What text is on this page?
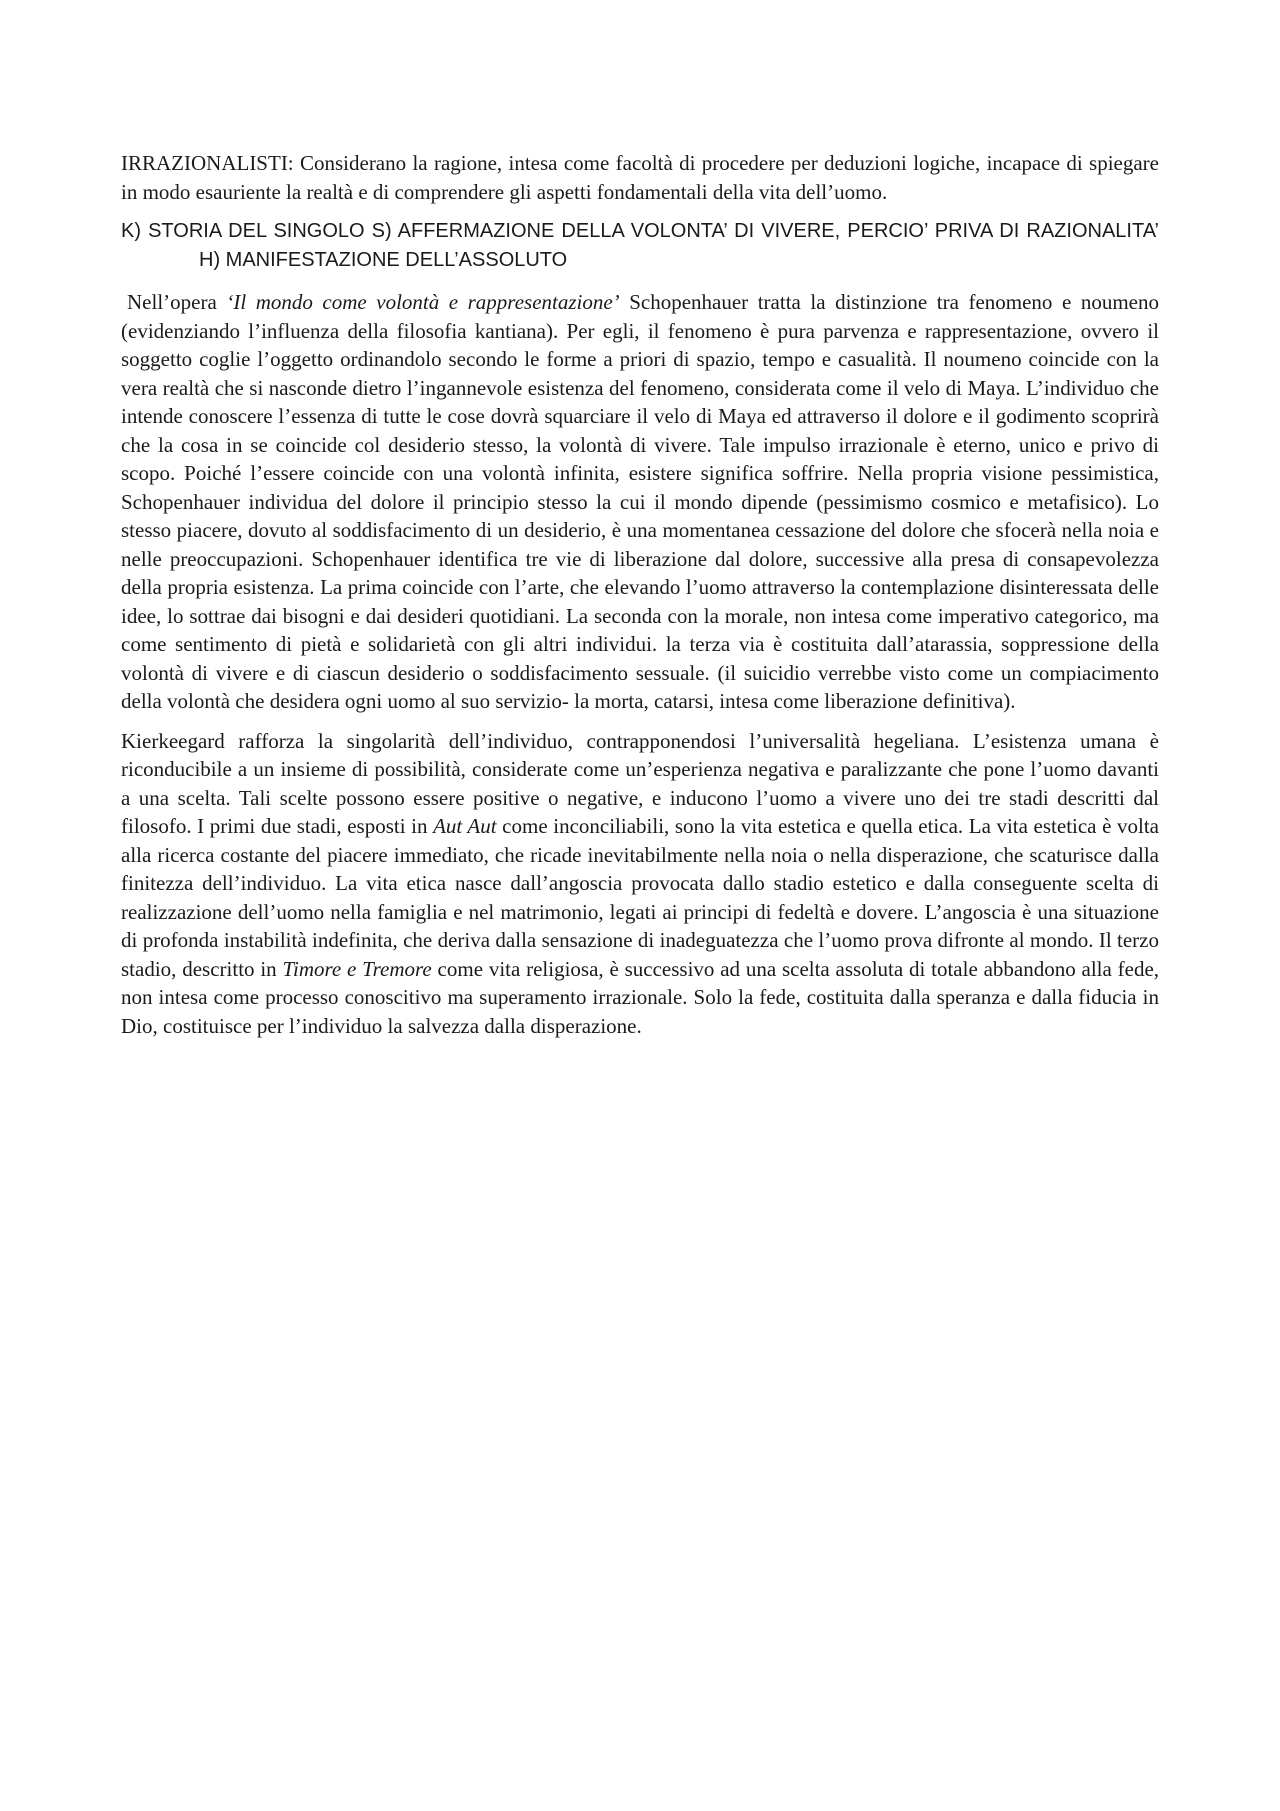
IRRAZIONALISTI: Considerano la ragione, intesa come facoltà di procedere per deduzioni logiche, incapace di spiegare in modo esauriente la realtà e di comprendere gli aspetti fondamentali della vita dell’uomo.

K) STORIA DEL SINGOLO S) AFFERMAZIONE DELLA VOLONTA’ DI VIVERE, PERCIO’ PRIVA DI RAZIONALITA’H) MANIFESTAZIONE DELL’ASSOLUTO

Nell’opera ‘Il mondo come volontà e rappresentazione’ Schopenhauer tratta la distinzione tra fenomeno e noumeno (evidenziando l’influenza della filosofia kantiana). Per egli, il fenomeno è pura parvenza e rappresentazione, ovvero il soggetto coglie l’oggetto ordinandolo secondo le forme a priori di spazio, tempo e casualità. Il noumeno coincide con la vera realtà che si nasconde dietro l’ingannevole esistenza del fenomeno, considerata come il velo di Maya. L’individuo che intende conoscere l’essenza di tutte le cose dovrà squarciare il velo di Maya ed attraverso il dolore e il godimento scoprirà che la cosa in se coincide col desiderio stesso, la volontà di vivere. Tale impulso irrazionale è eterno, unico e privo di scopo. Poiché l’essere coincide con una volontà infinita, esistere significa soffrire. Nella propria visione pessimistica, Schopenhauer individua del dolore il principio stesso la cui il mondo dipende (pessimismo cosmico e metafisico). Lo stesso piacere, dovuto al soddisfacimento di un desiderio, è una momentanea cessazione del dolore che sfocerà nella noia e nelle preoccupazioni. Schopenhauer identifica tre vie di liberazione dal dolore, successive alla presa di consapevolezza della propria esistenza. La prima coincide con l’arte, che elevando l’uomo attraverso la contemplazione disinteressata delle idee, lo sottrae dai bisogni e dai desideri quotidiani. La seconda con la morale, non intesa come imperativo categorico, ma come sentimento di pietà e solidarietà con gli altri individui. la terza via è costituita dall’atarassia, soppressione della volontà di vivere e di ciascun desiderio o soddisfacimento sessuale. (il suicidio verrebbe visto come un compiacimento della volontà che desidera ogni uomo al suo servizio- la morta, catarsi, intesa come liberazione definitiva).

Kierkeegard rafforza la singolarità dell’individuo, contrapponendosi l’universalità hegeliana. L’esistenza umana è riconducibile a un insieme di possibilità, considerate come un’esperienza negativa e paralizzante che pone l’uomo davanti a una scelta. Tali scelte possono essere positive o negative, e inducono l’uomo a vivere uno dei tre stadi descritti dal filosofo. I primi due stadi, esposti in Aut Aut come inconciliabili, sono la vita estetica e quella etica. La vita estetica è volta alla ricerca costante del piacere immediato, che ricade inevitabilmente nella noia o nella disperazione, che scaturisce dalla finitezza dell’individuo. La vita etica nasce dall’angoscia provocata dallo stadio estetico e dalla conseguente scelta di realizzazione dell’uomo nella famiglia e nel matrimonio, legati ai principi di fedeltà e dovere. L’angoscia è una situazione di profonda instabilità indefinita, che deriva dalla sensazione di inadeguatezza che l’uomo prova difronte al mondo. Il terzo stadio, descritto in Timore e Tremore come vita religiosa, è successivo ad una scelta assoluta di totale abbandono alla fede, non intesa come processo conoscitivo ma superamento irrazionale. Solo la fede, costituita dalla speranza e dalla fiducia in Dio, costituisce per l’individuo la salvezza dalla disperazione.
